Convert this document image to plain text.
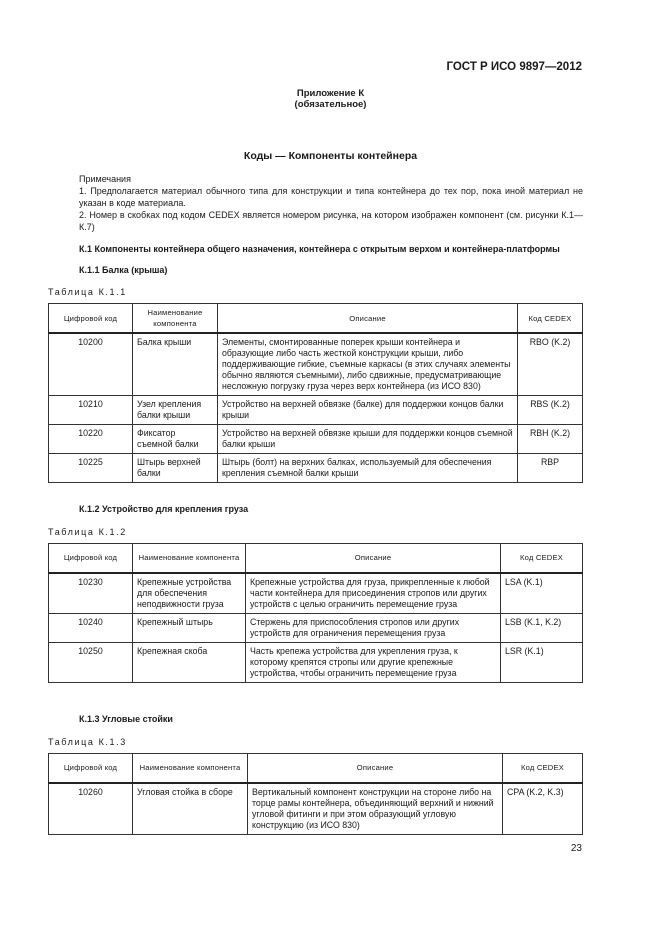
ГОСТ Р ИСО 9897—2012
Приложение К
(обязательное)
Коды — Компоненты контейнера

Примечания

1. Предполагается материал обычного типа для конструкции и типа контейнера до тех пор, пока иной материал не указан в коде материала.

2. Номер в скобках под кодом CEDEX является номером рисунка, на котором изображен компонент (см. рисунки К.1—К.7)

К.1 Компоненты контейнера общего назначения, контейнера с открытым верхом и контейнера-платформы
К.1.1 Балка (крыша)
Таблица К.1.1
Цифровой код	Наименование компонента	Описание	Код CEDEX
10200	Балка крыши	Элементы, смонтированные поперек крыши контейнера и образующие либо часть жесткой конструкции крыши, либо поддерживающие гибкие, съемные каркасы (в этих случаях элементы обычно являются съемными), либо сдвижные, предусматривающие несложную погрузку груза через верх контейнера (из ИСО 830)	RBO (K.2)
10210	Узел крепления балки крыши	Устройство на верхней обвязке (балке) для поддержки концов балки крыши	RBS (K.2)
10220	Фиксатор съемной балки	Устройство на верхней обвязке крыши для поддержки концов съемной балки крыши	RBH (K.2)
10225	Штырь верхней балки	Штырь (болт) на верхних балках, используемый для обеспечения крепления съемной балки крыши	RBP
К.1.2 Устройство для крепления груза
Таблица К.1.2
Цифровой код	Наименование компонента	Описание	Код CEDEX
10230	Крепежные устройства для обеспечения неподвижности груза	Крепежные устройства для груза, прикрепленные к любой части контейнера для присоединения стропов или других устройств с целью ограничить перемещение груза	LSA (K.1)
10240	Крепежный штырь	Стержень для приспособления стропов или других устройств для ограничения перемещения груза	LSB (K.1, K.2)
10250	Крепежная скоба	Часть крепежа устройства для укрепления груза, к которому крепятся стропы или другие крепежные устройства, чтобы ограничить перемещение груза	LSR (K.1)
К.1.3 Угловые стойки
Таблица К.1.3
Цифровой код	Наименование компонента	Описание	Код CEDEX
10260	Угловая стойка в сборе	Вертикальный компонент конструкции на стороне либо на торце рамы контейнера, объединяющий верхний и нижний угловой фитинги и при этом образующий угловую конструкцию (из ИСО 830)	CPA (K.2, K.3)
23
